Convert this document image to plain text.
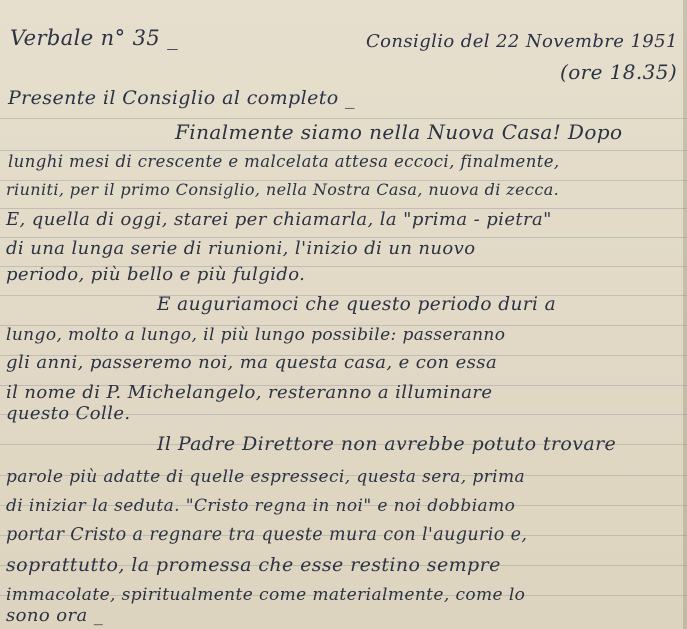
Verbale n° 35 _	Consiglio del 22 Novembre 1951
(ore 18.35)
Presente il Consiglio al completo _
Finalmente siamo nella Nuova Casa! Dopo
lunghi mesi di crescente e malcelata attesa eccoci, finalmente,
riuniti, per il primo Consiglio, nella Nostra Casa, nuova di zecca.
E, quella di oggi, starei per chiamarla, la "prima - pietra"
di una lunga serie di riunioni, l'inizio di un nuovo
periodo, più bello e più fulgido.
E auguriamoci che questo periodo duri a
lungo, molto a lungo, il più lungo possibile: passeranno
gli anni, passeremo noi, ma questa casa, e con essa
il nome di P. Michelangelo, resteranno a illuminare
questo Colle.
Il Padre Direttore non avrebbe potuto trovare
parole più adatte di quelle espresseci, questa sera, prima
di iniziar la seduta. "Cristo regna in noi" e noi dobbiamo
portar Cristo a regnare tra queste mura con l'augurio e,
soprattutto, la promessa che esse restino sempre
immacolate, spiritualmente come materialmente, come lo
sono ora _
